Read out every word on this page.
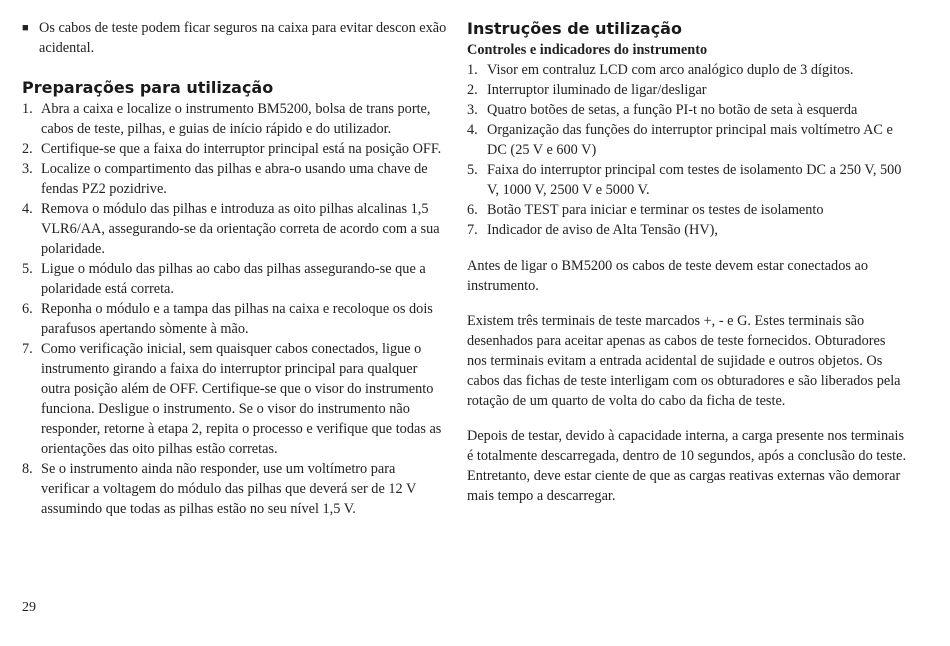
■ Os cabos de teste podem ficar seguros na caixa para evitar descon exão acidental.
Preparações para utilização
1. Abra a caixa e localize o instrumento BM5200, bolsa de trans porte, cabos de teste, pilhas, e guias de início rápido e do utilizador.
2. Certifique-se que a faixa do interruptor principal está na posição OFF.
3. Localize o compartimento das pilhas e abra-o usando uma chave de fendas PZ2 pozidrive.
4. Remova o módulo das pilhas e introduza as oito pilhas alcalinas 1,5 VLR6/AA, assegurando-se da orientação correta de acordo com a sua polaridade.
5. Ligue o módulo das pilhas ao cabo das pilhas assegurando-se que a polaridade está correta.
6. Reponha o módulo e a tampa das pilhas na caixa e recoloque os dois parafusos apertando sòmente à mão.
7. Como verificação inicial, sem quaisquer cabos conectados, ligue o instrumento girando a faixa do interruptor principal para qualquer outra posição além de OFF. Certifique-se que o visor do instrumento funciona. Desligue o instrumento. Se o visor do instrumento não responder, retorne à etapa 2, repita o processo e verifique que todas as orientações das oito pilhas estão corretas.
8. Se o instrumento ainda não responder, use um voltímetro para verificar a voltagem do módulo das pilhas que deverá ser de 12 V assumindo que todas as pilhas estão no seu nível 1,5 V.
Instruções de utilização
Controles e indicadores do instrumento
1. Visor em contraluz LCD com arco analógico duplo de 3 dígitos.
2. Interruptor iluminado de ligar/desligar
3. Quatro botões de setas, a função PI-t no botão de seta à esquerda
4. Organização das funções do interruptor principal mais voltímetro AC e DC (25 V e 600 V)
5. Faixa do interruptor principal com testes de isolamento DC a 250 V, 500 V, 1000 V, 2500 V e 5000 V.
6. Botão TEST para iniciar e terminar os testes de isolamento
7. Indicador de aviso de Alta Tensão (HV),

Antes de ligar o BM5200 os cabos de teste devem estar conectados ao instrumento.

Existem três terminais de teste marcados +, - e G. Estes terminais são desenhados para aceitar apenas as cabos de teste fornecidos. Obturadores nos terminais evitam a entrada acidental de sujidade e outros objetos. Os cabos das fichas de teste interligam com os obturadores e são liberados pela rotação de um quarto de volta do cabo da ficha de teste.

Depois de testar, devido à capacidade interna, a carga presente nos terminais é totalmente descarregada, dentro de 10 segundos, após a conclusão do teste. Entretanto, deve estar ciente de que as cargas reativas externas vão demorar mais tempo a descarregar.

29
